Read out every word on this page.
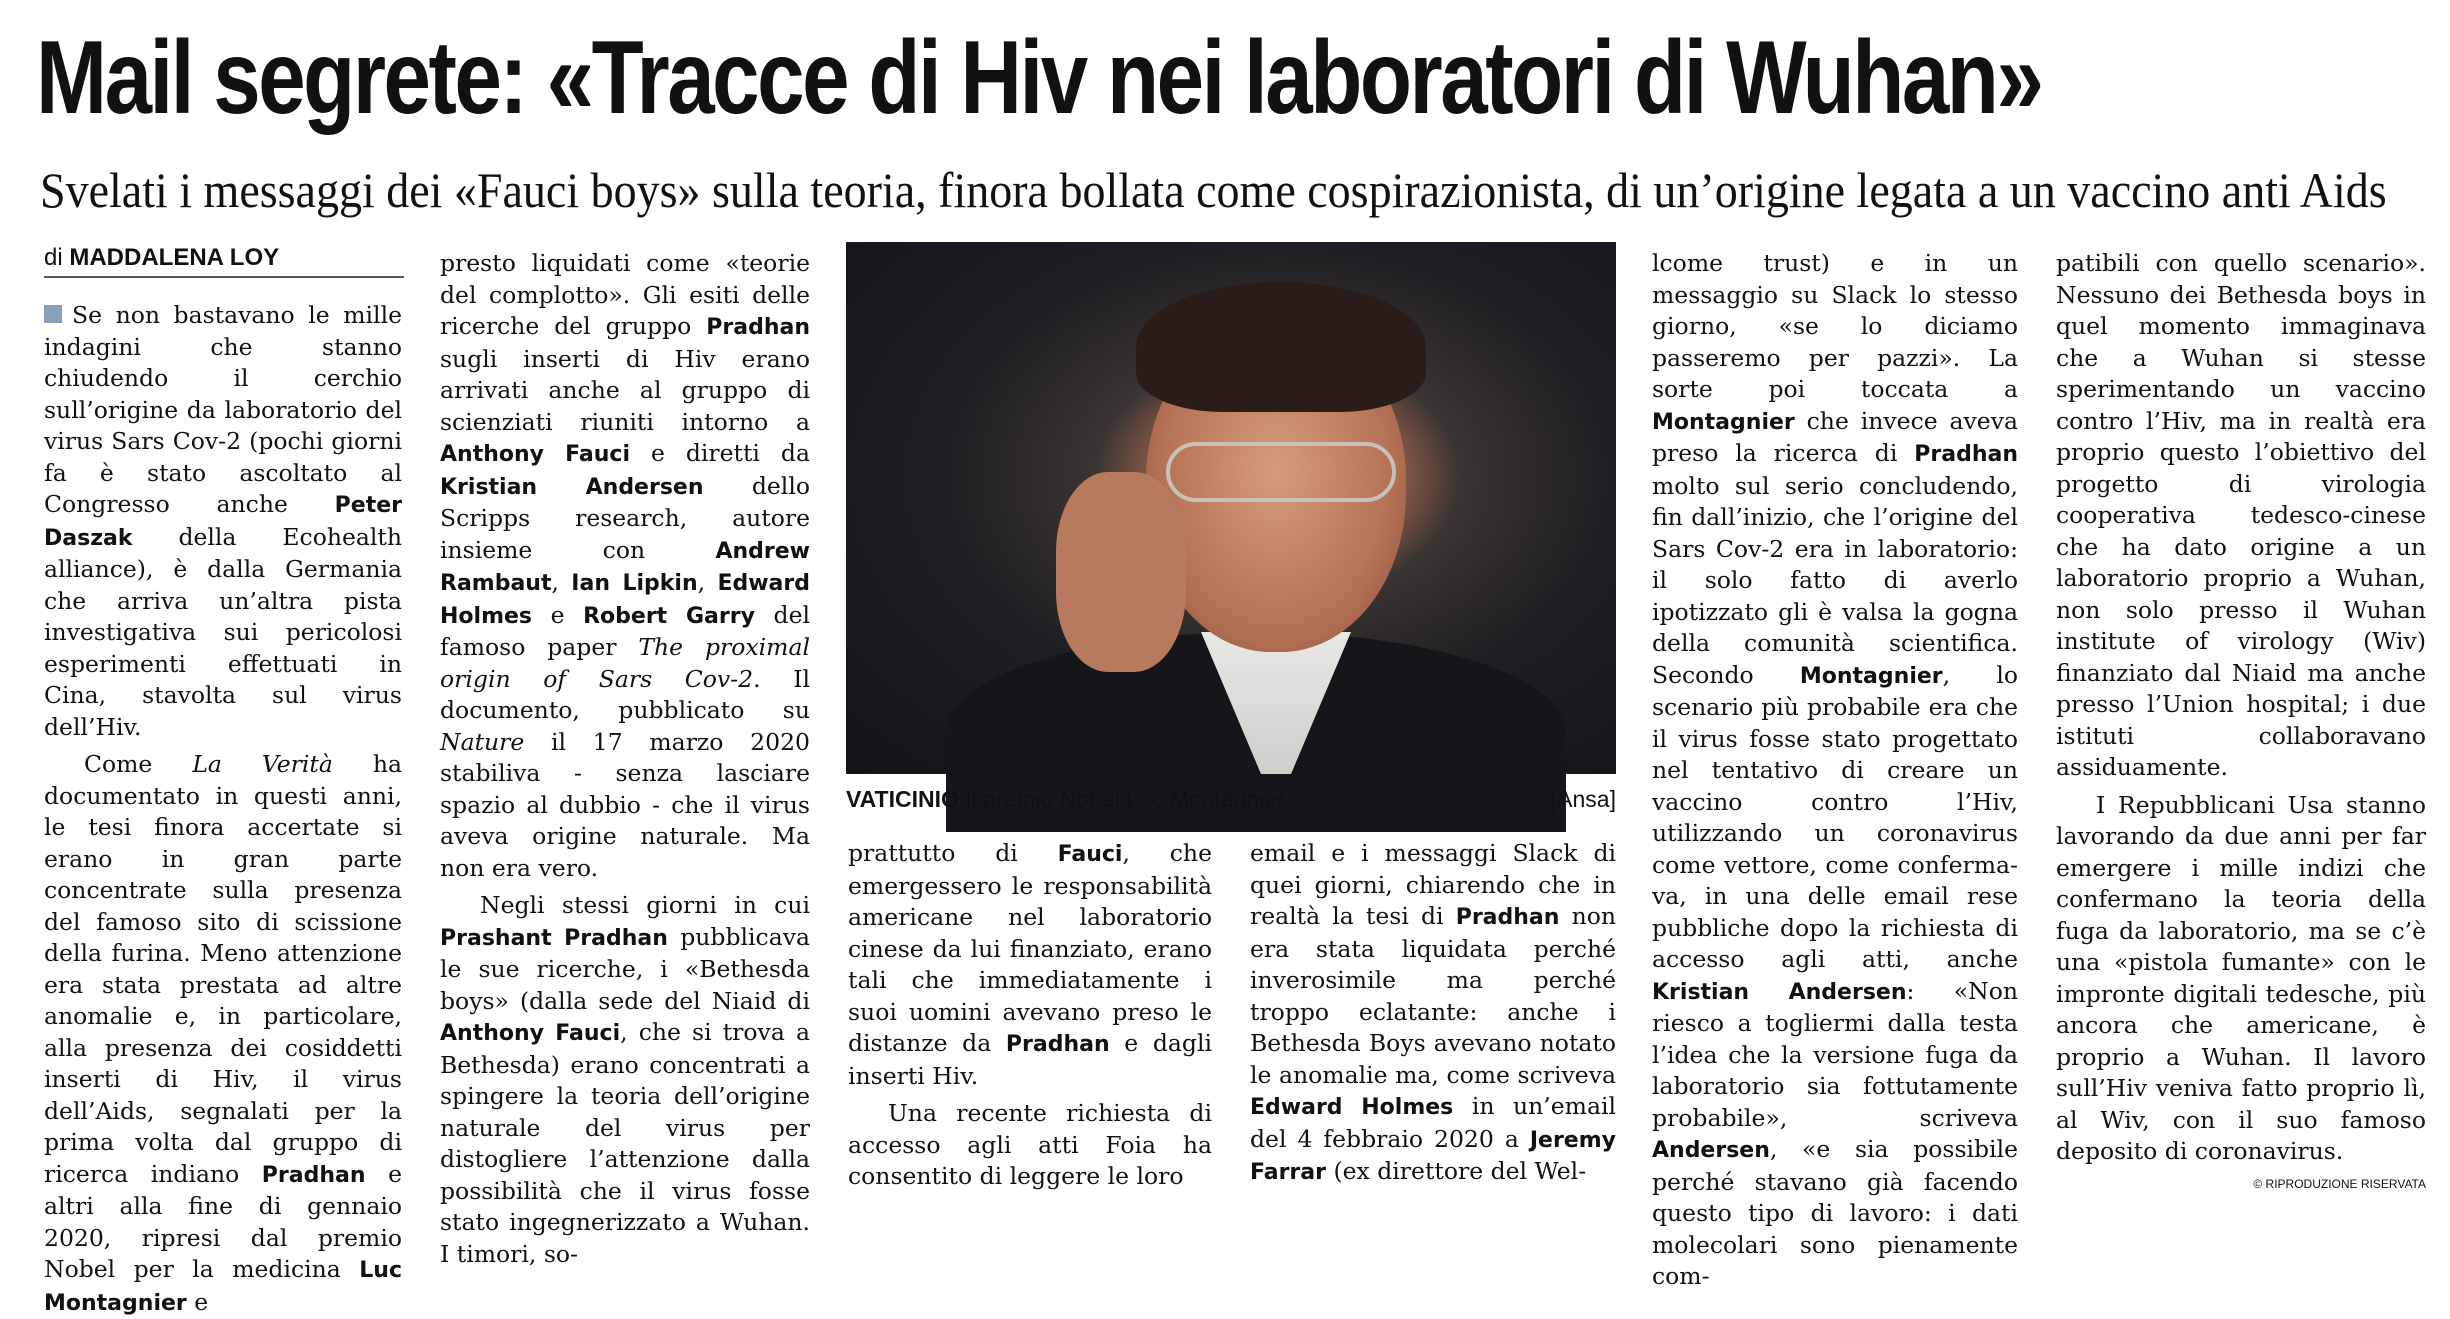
Mail segrete: «Tracce di Hiv nei laboratori di Wuhan»
Svelati i messaggi dei «Fauci boys» sulla teoria, finora bollata come cospirazionista, di un’origine legata a un vaccino anti Aids
di MADDALENA LOY

Se non bastavano le mille indagini che stanno chiudendo il cerchio sull’origine da laboratorio del virus Sars Cov-2 (pochi giorni fa è stato ascoltato al Congresso anche Peter Daszak della Ecohealth alliance), è dalla Germania che arriva un’altra pista investigativa sui pericolosi esperimenti effettuati in Cina, stavolta sul virus dell’Hiv.

Come La Verità ha documentato in questi anni, le tesi finora accertate si erano in gran parte concentrate sulla presenza del famoso sito di scissione della furina. Meno attenzione era stata prestata ad altre anomalie e, in particolare, alla presenza dei cosiddetti inserti di Hiv, il virus dell’Aids, segnalati per la prima volta dal gruppo di ricerca indiano Pradhan e altri alla fine di gennaio 2020, ripresi dal premio Nobel per la medicina Luc Montagnier e

presto liquidati come «teorie del complotto». Gli esiti delle ricerche del gruppo Pradhan sugli inserti di Hiv erano arrivati anche al gruppo di scienziati riuniti intorno a Anthony Fauci e diretti da Kristian Andersen dello Scripps research, autore insieme con Andrew Rambaut, Ian Lipkin, Edward Holmes e Robert Garry del famoso paper The proximal origin of Sars Cov-2. Il documento, pubblicato su Nature il 17 marzo 2020 stabiliva - senza lasciare spazio al dubbio - che il virus aveva origine naturale. Ma non era vero.

Negli stessi giorni in cui Prashant Pradhan pubblicava le sue ricerche, i «Bethesda boys» (dalla sede del Niaid di Anthony Fauci, che si trova a Bethesda) erano concentrati a spingere la teoria dell’origine naturale del virus per distogliere l’attenzione dalla possibilità che il virus fosse stato ingegnerizzato a Wuhan. I timori, so-

VATICINIO Il premio Nobel Luc Montagnier	[Ansa]

prattutto di Fauci, che emergessero le responsabilità americane nel laboratorio cinese da lui finanziato, erano tali che immediatamente i suoi uomini avevano preso le distanze da Pradhan e dagli inserti Hiv.

Una recente richiesta di accesso agli atti Foia ha consentito di leggere le loro

email e i messaggi Slack di quei giorni, chiarendo che in realtà la tesi di Pradhan non era stata liquidata perché inverosimile ma perché troppo eclatante: anche i Bethesda Boys avevano notato le anomalie ma, come scriveva Edward Holmes in un’email del 4 febbraio 2020 a Jeremy Farrar (ex direttore del Wel-

lcome trust) e in un messaggio su Slack lo stesso giorno, «se lo diciamo passeremo per pazzi». La sorte poi toccata a Montagnier che invece aveva preso la ricerca di Pradhan molto sul serio concludendo, fin dall’inizio, che l’origine del Sars Cov-2 era in laboratorio: il solo fatto di averlo ipotizzato gli è valsa la gogna della comunità scientifica. Secondo Montagnier, lo scenario più probabile era che il virus fosse stato progettato nel tentativo di creare un vaccino contro l’Hiv, utilizzando un coronavirus come vettore, come conferma-va, in una delle email rese pubbliche dopo la richiesta di accesso agli atti, anche Kristian Andersen: «Non riesco a togliermi dalla testa l’idea che la versione fuga da laboratorio sia fottutamente probabile», scriveva Andersen, «e sia possibile perché stavano già facendo questo tipo di lavoro: i dati molecolari sono pienamente com-

patibili con quello scenario». Nessuno dei Bethesda boys in quel momento immaginava che a Wuhan si stesse sperimentando un vaccino contro l’Hiv, ma in realtà era proprio questo l’obiettivo del progetto di virologia cooperativa tedesco-cinese che ha dato origine a un laboratorio proprio a Wuhan, non solo presso il Wuhan institute of virology (Wiv) finanziato dal Niaid ma anche presso l’Union hospital; i due istituti collaboravano assiduamente.

I Repubblicani Usa stanno lavorando da due anni per far emergere i mille indizi che confermano la teoria della fuga da laboratorio, ma se c’è una «pistola fumante» con le impronte digitali tedesche, più ancora che americane, è proprio a Wuhan. Il lavoro sull’Hiv veniva fatto proprio lì, al Wiv, con il suo famoso deposito di coronavirus.

© RIPRODUZIONE RISERVATA
